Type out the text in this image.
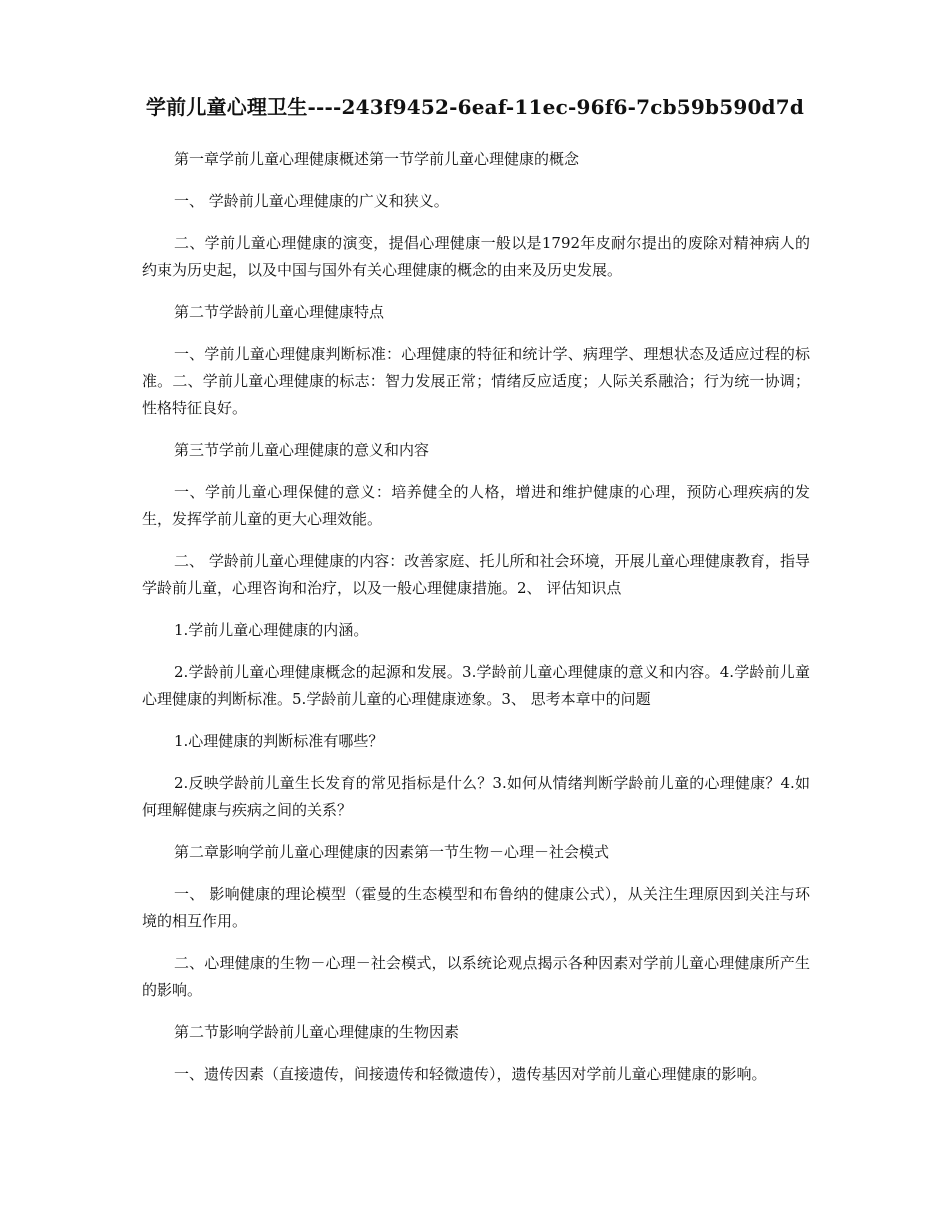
学前儿童心理卫生----243f9452-6eaf-11ec-96f6-7cb59b590d7d

第一章学前儿童心理健康概述第一节学前儿童心理健康的概念

一、 学龄前儿童心理健康的广义和狭义。

二、学前儿童心理健康的演变，提倡心理健康一般以是1792年皮耐尔提出的废除对精神病人的约束为历史起，以及中国与国外有关心理健康的概念的由来及历史发展。

第二节学龄前儿童心理健康特点

一、学前儿童心理健康判断标准：心理健康的特征和统计学、病理学、理想状态及适应过程的标准。二、学前儿童心理健康的标志：智力发展正常；情绪反应适度；人际关系融洽；行为统一协调；性格特征良好。

第三节学前儿童心理健康的意义和内容

一、学前儿童心理保健的意义：培养健全的人格，增进和维护健康的心理，预防心理疾病的发生，发挥学前儿童的更大心理效能。

二、 学龄前儿童心理健康的内容：改善家庭、托儿所和社会环境，开展儿童心理健康教育，指导学龄前儿童，心理咨询和治疗，以及一般心理健康措施。2、 评估知识点

1.学前儿童心理健康的内涵。

2.学龄前儿童心理健康概念的起源和发展。3.学龄前儿童心理健康的意义和内容。4.学龄前儿童心理健康的判断标准。5.学龄前儿童的心理健康迹象。3、 思考本章中的问题

1.心理健康的判断标准有哪些？

2.反映学龄前儿童生长发育的常见指标是什么？3.如何从情绪判断学龄前儿童的心理健康？4.如何理解健康与疾病之间的关系？

第二章影响学前儿童心理健康的因素第一节生物－心理－社会模式

一、 影响健康的理论模型（霍曼的生态模型和布鲁纳的健康公式），从关注生理原因到关注与环境的相互作用。

二、心理健康的生物－心理－社会模式，以系统论观点揭示各种因素对学前儿童心理健康所产生的影响。

第二节影响学龄前儿童心理健康的生物因素

一、遗传因素（直接遗传，间接遗传和轻微遗传），遗传基因对学前儿童心理健康的影响。
